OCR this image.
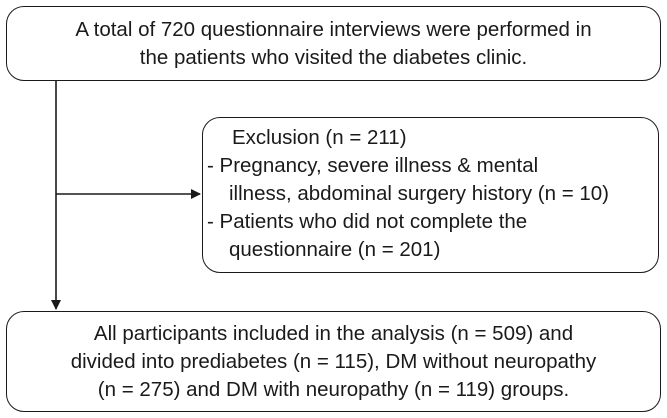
A total of 720 questionnaire interviews were performed in
the patients who visited the diabetes clinic.
Exclusion (n = 211)
- Pregnancy, severe illness & mental
illness, abdominal surgery history (n = 10)
- Patients who did not complete the
questionnaire (n = 201)
All participants included in the analysis (n = 509) and
divided into prediabetes (n = 115), DM without neuropathy
(n = 275) and DM with neuropathy (n = 119) groups.
